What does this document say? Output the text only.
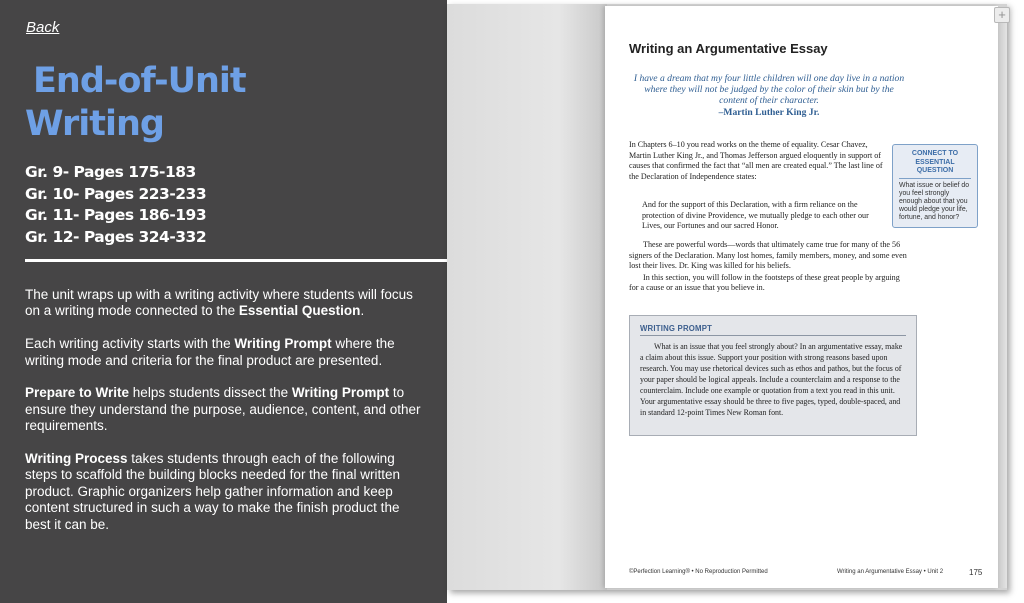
Back
End-of-Unit
Writing
Gr. 9- Pages 175-183
Gr. 10- Pages 223-233
Gr. 11- Pages 186-193
Gr. 12- Pages 324-332

The unit wraps up with a writing activity where students will focus on a writing mode connected to the Essential Question.

Each writing activity starts with the Writing Prompt where the writing mode and criteria for the final product are presented.

Prepare to Write helps students dissect the Writing Prompt to ensure they understand the purpose, audience, content, and other requirements.

Writing Process takes students through each of the following steps to scaffold the building blocks needed for the final written product. Graphic organizers help gather information and keep content structured in such a way to make the finish product the best it can be.

Writing an Argumentative Essay
I have a dream that my four little children will one day live in a nation where they will not be judged by the color of their skin but by the content of their character.
–Martin Luther King Jr.

In Chapters 6–10 you read works on the theme of equality. Cesar Chavez, Martin Luther King Jr., and Thomas Jefferson argued eloquently in support of causes that confirmed the fact that “all men are created equal.” The last line of the Declaration of Independence states:

And for the support of this Declaration, with a firm reliance on the protection of divine Providence, we mutually pledge to each other our Lives, our Fortunes and our sacred Honor.

These are powerful words—words that ultimately came true for many of the 56 signers of the Declaration. Many lost homes, family members, money, and some even lost their lives. Dr. King was killed for his beliefs.

In this section, you will follow in the footsteps of these great people by arguing for a cause or an issue that you believe in.

CONNECT TO ESSENTIAL QUESTION
What issue or belief do you feel strongly enough about that you would pledge your life, fortune, and honor?
WRITING PROMPT

What is an issue that you feel strongly about? In an argumentative essay, make a claim about this issue. Support your position with strong reasons based upon research. You may use rhetorical devices such as ethos and pathos, but the focus of your paper should be logical appeals. Include a counterclaim and a response to the counterclaim. Include one example or quotation from a text you read in this unit. Your argumentative essay should be three to five pages, typed, double-spaced, and in standard 12-point Times New Roman font.

©Perfection Learning® • No Reproduction Permitted	Writing an Argumentative Essay • Unit 2	175
+
